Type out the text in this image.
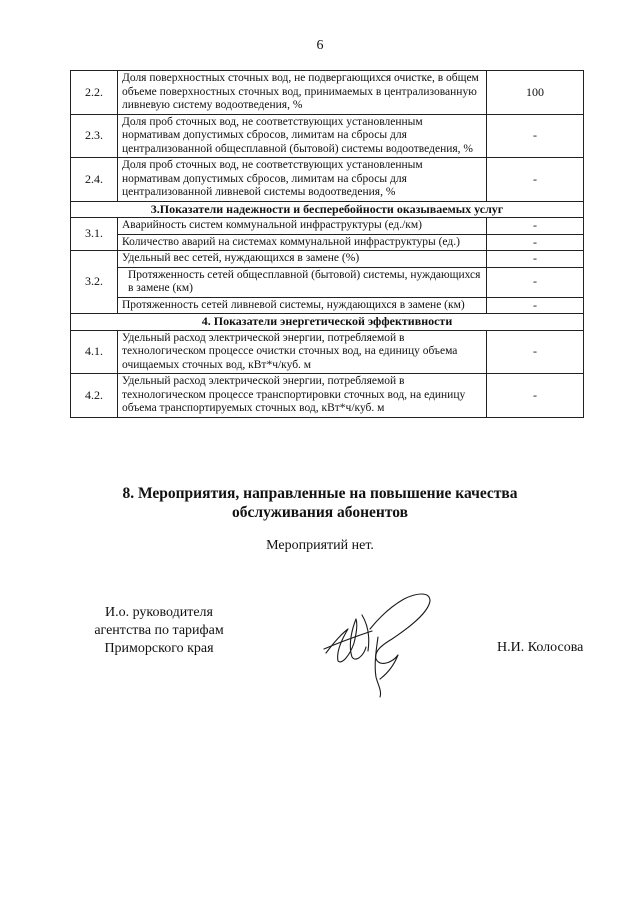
6
2.2.	Доля поверхностных сточных вод, не подвергающихся очистке, в общем объеме поверхностных сточных вод, принимаемых в централизованную ливневую систему водоотведения, %	100
2.3.	Доля проб сточных вод, не соответствующих установленным нормативам допустимых сбросов, лимитам на сбросы для централизованной общесплавной (бытовой) системы водоотведения, %	-
2.4.	Доля проб сточных вод, не соответствующих установленным нормативам допустимых сбросов, лимитам на сбросы для централизованной ливневой системы водоотведения, %	-
3.Показатели надежности и бесперебойности оказываемых услуг		
3.1.	Аварийность систем коммунальной инфраструктуры (ед./км)	-
	Количество аварий на системах коммунальной инфраструктуры (ед.)	-
3.2.	Удельный вес сетей, нуждающихся в замене (%)	-
	Протяженность сетей общесплавной (бытовой) системы, нуждающихся в замене (км)	-
	Протяженность сетей ливневой системы, нуждающихся в замене (км)	-
4. Показатели энергетической эффективности		
4.1.	Удельный расход электрической энергии, потребляемой в технологическом процессе очистки сточных вод, на единицу объема очищаемых сточных вод, кВт*ч/куб. м	-
4.2.	Удельный расход электрической энергии, потребляемой в технологическом процессе транспортировки сточных вод, на единицу объема транспортируемых сточных вод, кВт*ч/куб. м	-
8. Мероприятия, направленные на повышение качества
обслуживания абонентов
Мероприятий нет.
И.о. руководителя
агентства по тарифам
Приморского края	Н.И. Колосова
